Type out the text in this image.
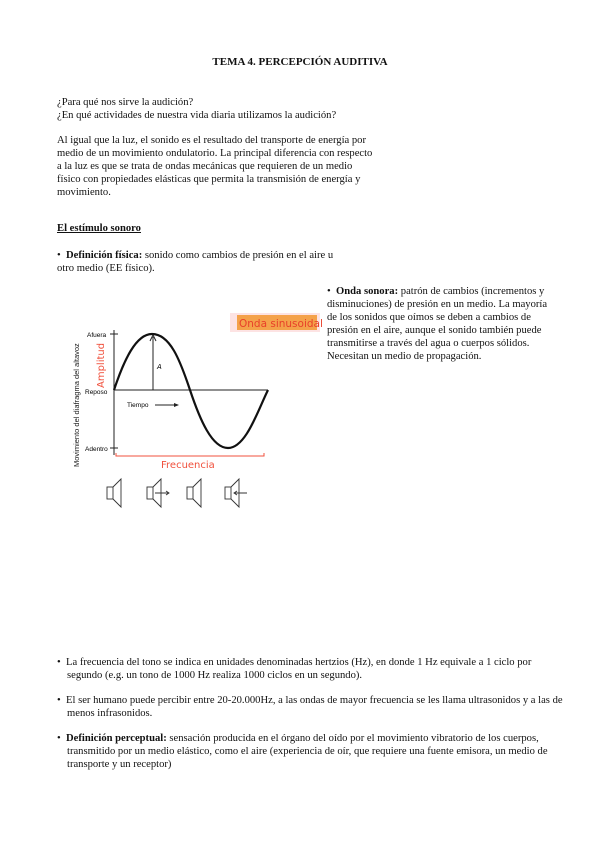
TEMA 4. PERCEPCIÓN AUDITIVA
¿Para qué nos sirve la audición?
¿En qué actividades de nuestra vida diaria utilizamos la audición?
Al igual que la luz, el sonido es el resultado del transporte de energía por medio de un movimiento ondulatorio. La principal diferencia con respecto a la luz es que se trata de ondas mecánicas que requieren de un medio físico con propiedades elásticas que permita la transmisión de energía y movimiento.
El estímulo sonoro
•  Definición física: sonido como cambios de presión en el aire u otro medio (EE físico).
•  Onda sonora: patrón de cambios (incrementos y disminuciones) de presión en un medio. La mayoría de los sonidos que oímos se deben a cambios de presión en el aire, aunque el sonido también puede transmitirse a través del agua o cuerpos sólidos. Necesitan un medio de propagación.
Onda sinusoidal
Movimiento del diafragma del altavoz Amplitud
Afuera
Reposo
Adentro
A
Tiempo
Frecuencia
•  La frecuencia del tono se indica en unidades denominadas hertzios (Hz), en donde 1 Hz equivale a 1 ciclo por segundo (e.g. un tono de 1000 Hz realiza 1000 ciclos en un segundo).
•  El ser humano puede percibir entre 20-20.000Hz, a las ondas de mayor frecuencia se les llama ultrasonidos y a las de menos infrasonidos.
•  Definición perceptual: sensación producida en el órgano del oído por el movimiento vibratorio de los cuerpos, transmitido por un medio elástico, como el aire (experiencia de oír, que requiere una fuente emisora, un medio de transporte y un receptor)
